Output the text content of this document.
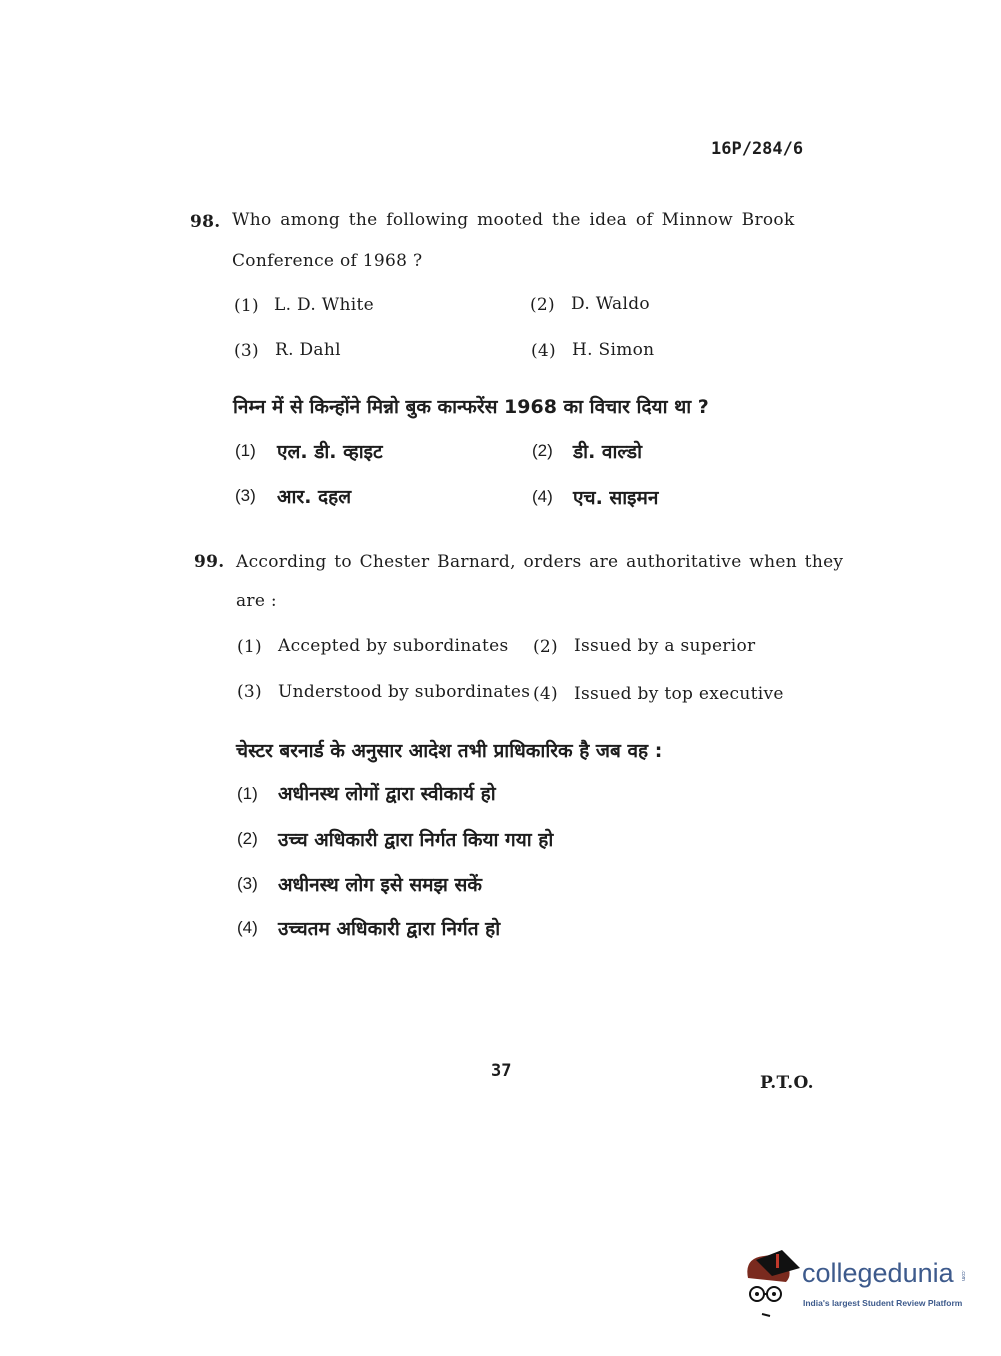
16P/284/6
98. Who among the following mooted the idea of Minnow Brook
Conference of 1968 ?
(1) L. D. White	(2) D. Waldo
(3) R. Dahl	(4) H. Simon
निम्न में से किन्होंने मिन्नो बुक कान्फरेंस 1968 का विचार दिया था ?
(1) एल. डी. व्हाइट	(2) डी. वाल्डो
(3) आर. दहल	(4) एच. साइमन
99. According to Chester Barnard, orders are authoritative when they
are :
(1) Accepted by subordinates (2) Issued by a superior
(3) Understood by subordinates (4) Issued by top executive
चेस्टर बरनार्ड के अनुसार आदेश तभी प्राधिकारिक है जब वह :
(1) अधीनस्थ लोगों द्वारा स्वीकार्य हो
(2) उच्च अधिकारी द्वारा निर्गत किया गया हो
(3) अधीनस्थ लोग इसे समझ सकें
(4) उच्चतम अधिकारी द्वारा निर्गत हो
37
P.T.O.
collegedunia .com
India's largest Student Review Platform
